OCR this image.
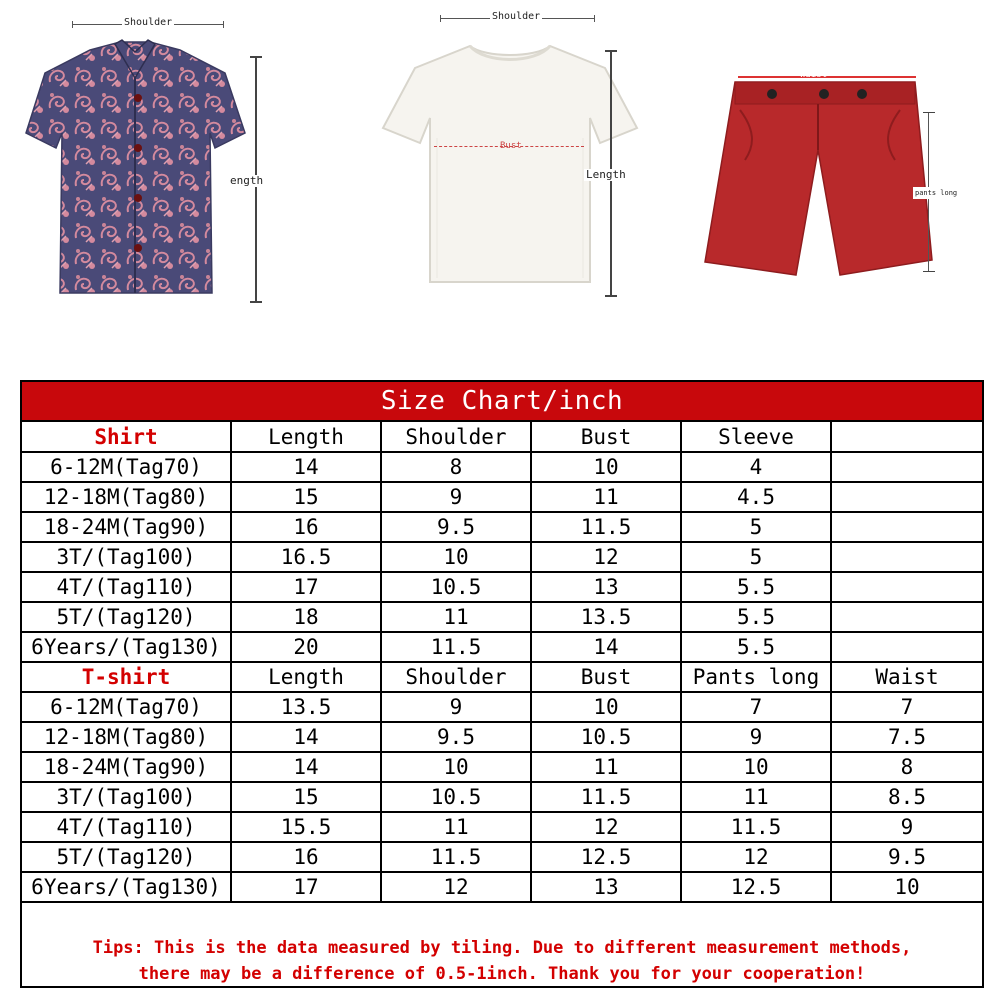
Shoulder
ength
Shoulder
Bust
Length
Waist
pants long
Size Chart/inch
Shirt	Length	Shoulder	Bust	Sleeve	
6-12M(Tag70)	14	8	10	4	
12-18M(Tag80)	15	9	11	4.5	
18-24M(Tag90)	16	9.5	11.5	5	
3T/(Tag100)	16.5	10	12	5	
4T/(Tag110)	17	10.5	13	5.5	
5T/(Tag120)	18	11	13.5	5.5	
6Years/(Tag130)	20	11.5	14	5.5	
T-shirt	Length	Shoulder	Bust	Pants long	Waist
6-12M(Tag70)	13.5	9	10	7	7
12-18M(Tag80)	14	9.5	10.5	9	7.5
18-24M(Tag90)	14	10	11	10	8
3T/(Tag100)	15	10.5	11.5	11	8.5
4T/(Tag110)	15.5	11	12	11.5	9
5T/(Tag120)	16	11.5	12.5	12	9.5
6Years/(Tag130)	17	12	13	12.5	10
Tips: This is the data measured by tiling. Due to different measurement methods,
there may be a difference of 0.5-1inch. Thank you for your cooperation!
